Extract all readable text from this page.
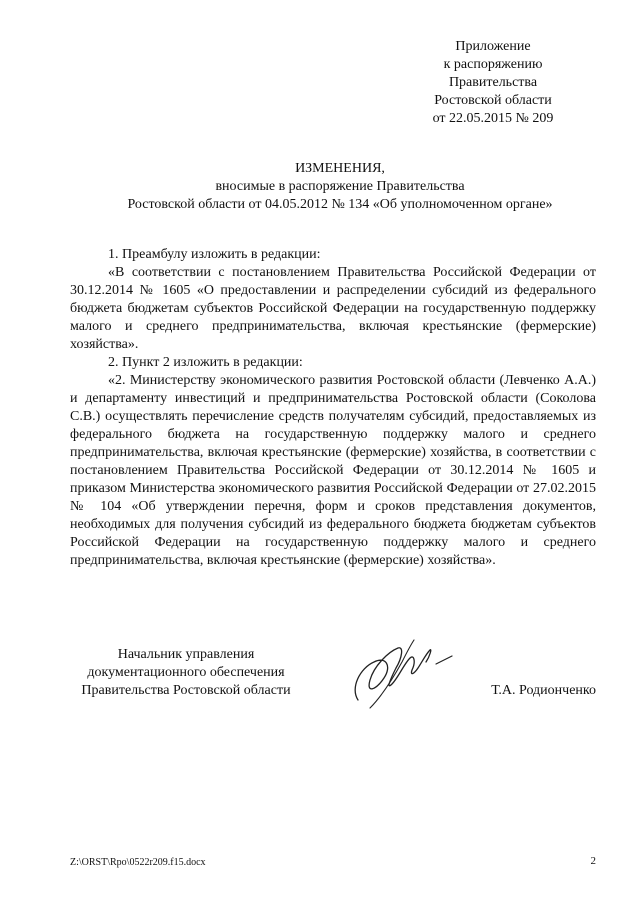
Приложение
к распоряжению
Правительства
Ростовской области
от 22.05.2015 № 209
ИЗМЕНЕНИЯ,
вносимые в распоряжение Правительства
Ростовской области от 04.05.2012 № 134 «Об уполномоченном органе»

1. Преамбулу изложить в редакции:

«В соответствии с постановлением Правительства Российской Федерации от 30.12.2014 № 1605 «О предоставлении и распределении субсидий из федерального бюджета бюджетам субъектов Российской Федерации на государственную поддержку малого и среднего предпринимательства, включая крестьянские (фермерские) хозяйства».

2. Пункт 2 изложить в редакции:

«2. Министерству экономического развития Ростовской области (Левченко А.А.) и департаменту инвестиций и предпринимательства Ростовской области (Соколова С.В.) осуществлять перечисление средств получателям субсидий, предоставляемых из федерального бюджета на государственную поддержку малого и среднего предпринимательства, включая крестьянские (фермерские) хозяйства, в соответствии с постановлением Правительства Российской Федерации от 30.12.2014 № 1605 и приказом Министерства экономического развития Российской Федерации от 27.02.2015 № 104 «Об утверждении перечня, форм и сроков представления документов, необходимых для получения субсидий из федерального бюджета бюджетам субъектов Российской Федерации на государственную поддержку малого и среднего предпринимательства, включая крестьянские (фермерские) хозяйства».

Начальник управления
документационного обеспечения
Правительства Ростовской области	Т.А. Родионченко
Z:\ORST\Rpo\0522r209.f15.docx	2
